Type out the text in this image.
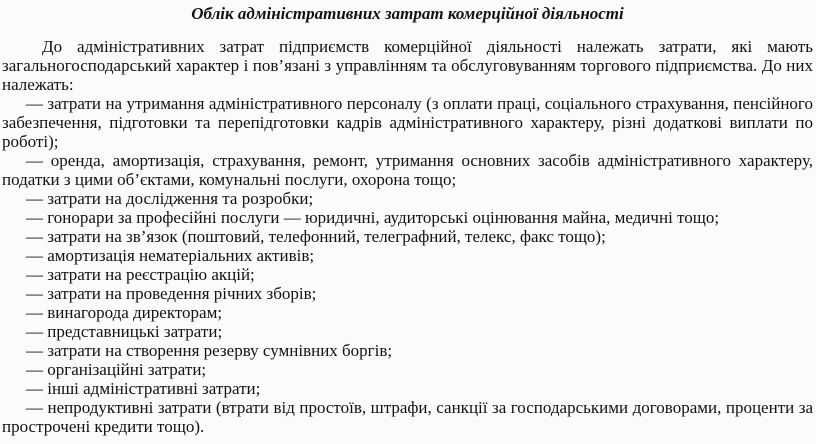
Облік адміністративних затрат комерційної діяльності

До адміністративних затрат підприємств комерційної діяльності належать затрати, які мають загальногосподарський характер і пов’язані з управлінням та обслуговуванням торгового підприємства. До них належать:

— затрати на утримання адміністративного персоналу (з оплати праці, соціального страхування, пенсійного забезпечення, підготовки та перепідготовки кадрів адміністративного характеру, різні додаткові виплати по роботі);

— оренда, амортизація, страхування, ремонт, утримання основних засобів адміністративного характеру, податки з цими об’єктами, комунальні послуги, охорона тощо;

— затрати на дослідження та розробки;

— гонорари за професійні послуги — юридичні, аудиторські оцінювання майна, медичні тощо;

— затрати на зв’язок (поштовий, телефонний, телеграфний, телекс, факс тощо);

— амортизація нематеріальних активів;

— затрати на реєстрацію акцій;

— затрати на проведення річних зборів;

— винагорода директорам;

— представницькі затрати;

— затрати на створення резерву сумнівних боргів;

— організаційні затрати;

— інші адміністративні затрати;

— непродуктивні затрати (втрати від простоїв, штрафи, санкції за господарськими договорами, проценти за прострочені кредити тощо).
